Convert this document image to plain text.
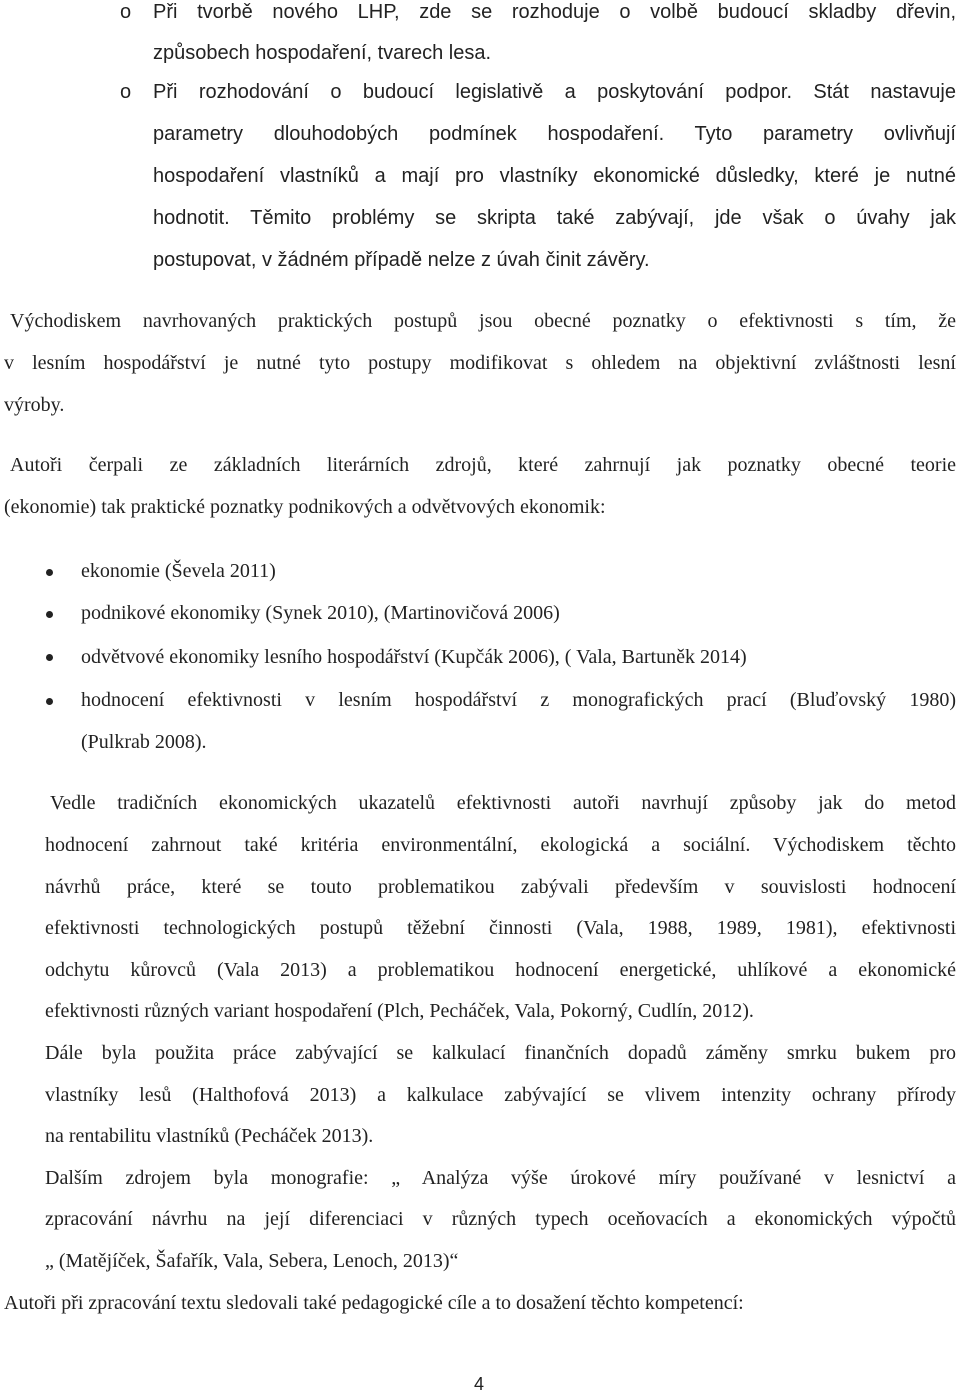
o Při tvorbě nového LHP, zde se rozhoduje o volbě budoucí skladby dřevin,
způsobech hospodaření, tvarech lesa.
o Při rozhodování o budoucí legislativě a poskytování podpor. Stát nastavuje
parametry dlouhodobých podmínek hospodaření. Tyto parametry ovlivňují
hospodaření vlastníků a mají pro vlastníky ekonomické důsledky, které je nutné
hodnotit. Těmito problémy se skripta také zabývají, jde však o úvahy jak
postupovat, v žádném případě nelze z úvah činit závěry.
Východiskem navrhovaných praktických postupů jsou obecné poznatky o efektivnosti s tím, že
v lesním hospodářství je nutné tyto postupy modifikovat s ohledem na objektivní zvláštnosti lesní
výroby.
Autoři čerpali ze základních literárních zdrojů, které zahrnují jak poznatky obecné teorie
(ekonomie) tak praktické poznatky podnikových a odvětvových ekonomik:
ekonomie (Ševela 2011)
podnikové ekonomiky (Synek 2010), (Martinovičová 2006)
odvětvové ekonomiky lesního hospodářství (Kupčák 2006), ( Vala, Bartuněk 2014)
hodnocení efektivnosti v lesním hospodářství z monografických prací (Bluďovský 1980)
(Pulkrab 2008).
Vedle tradičních ekonomických ukazatelů efektivnosti autoři navrhují způsoby jak do metod
hodnocení zahrnout také kritéria environmentální, ekologická a sociální. Východiskem těchto
návrhů práce, které se touto problematikou zabývali především v souvislosti hodnocení
efektivnosti technologických postupů těžební činnosti (Vala, 1988, 1989, 1981), efektivnosti
odchytu kůrovců (Vala 2013) a problematikou hodnocení energetické, uhlíkové a ekonomické
efektivnosti různých variant hospodaření (Plch, Pecháček, Vala, Pokorný, Cudlín, 2012).
Dále byla použita práce zabývající se kalkulací finančních dopadů záměny smrku bukem pro
vlastníky lesů (Halthofová 2013) a kalkulace zabývající se vlivem intenzity ochrany přírody
na rentabilitu vlastníků (Pecháček 2013).
Dalším zdrojem byla monografie: „ Analýza výše úrokové míry používané v lesnictví a
zpracování návrhu na její diferenciaci v různých typech oceňovacích a ekonomických výpočtů
„ (Matějíček, Šafařík, Vala, Sebera, Lenoch, 2013)“
Autoři při zpracování textu sledovali také pedagogické cíle a to dosažení těchto kompetencí:
4
